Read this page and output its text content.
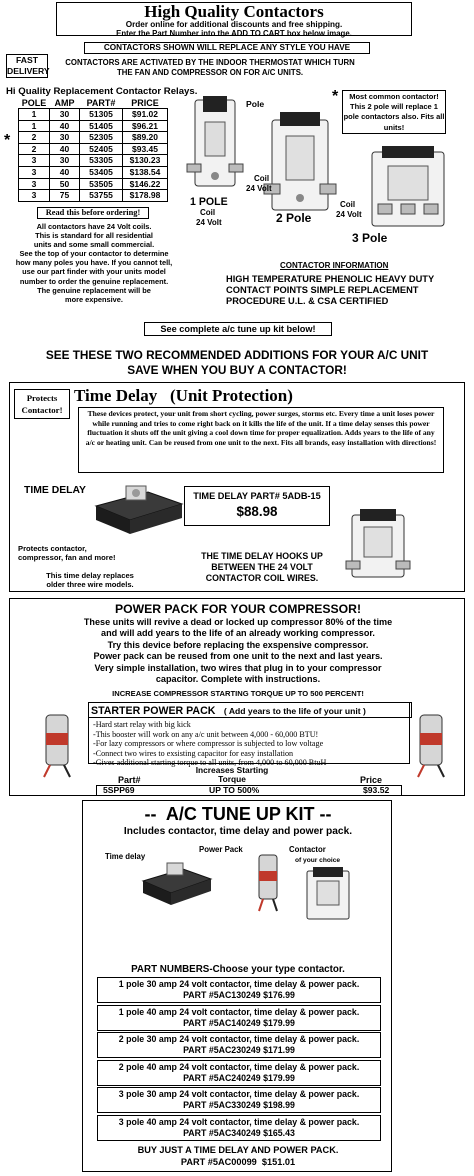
High Quality Contactors
Order online for additional discounts and free shipping.
Enter the Part Number into the ADD TO CART box below image.
CONTACTORS SHOWN WILL REPLACE ANY STYLE YOU HAVE
FAST DELIVERY
CONTACTORS ARE ACTIVATED BY THE INDOOR THERMOSTAT WHICH TURN THE FAN AND COMPRESSOR ON FOR A/C UNITS.
Hi Quality Replacement Contactor Relays.
POLE	AMP	PART#	PRICE
1	30	51305	$91.02
1	40	51405	$96.21
2	30	52305	$89.20
2	40	52405	$93.45
3	30	53305	$130.23
3	40	53405	$138.54
3	50	53505	$146.22
3	75	53755	$178.98
*
Read this before ordering!
All contactors have 24 Volt coils.
This is standard for all residential
units and some small commercial.
See the top of your contactor to determine
how many poles you have. If you cannot tell,
use our part finder with your units model
number to order the genuine replacement.
The genuine replacement will be
more expensive.
Pole
1 POLE
Coil
24 Volt
Coil
24 Volt
2 Pole
Coil
24 Volt
3 Pole
*	Most common contactor! This 2 pole will replace 1 pole contactors also. Fits all units!
CONTACTOR INFORMATION
HIGH TEMPERATURE PHENOLIC HEAVY DUTY CONTACT POINTS SIMPLE REPLACEMENT PROCEDURE U.L. & CSA CERTIFIED
See complete a/c tune up kit below!
SEE THESE TWO RECOMMENDED ADDITIONS FOR YOUR A/C UNIT
SAVE WHEN YOU BUY A CONTACTOR!
Protects Contactor!
Time Delay   (Unit Protection)
These devices protect, your unit from short cycling, power surges, storms etc. Every time a unit loses power while running and tries to come right back on it kills the life of the unit. If a time delay senses this power fluctuation it shuts off the unit giving a cool down time for proper equalization. Adds years to the life of any a/c or heating unit. Can be reused from one unit to the next. Fits all brands, easy installation with directions!
TIME DELAY
Protects contactor, compressor, fan and more!
This time delay replaces older three wire models.
TIME DELAY PART# 5ADB-15
$88.98
THE TIME DELAY HOOKS UP BETWEEN THE 24 VOLT CONTACTOR COIL WIRES.
POWER PACK FOR YOUR COMPRESSOR!
These units will revive a dead or locked up compressor 80% of the time
and will add years to the life of an already working compressor.
Try this device before replacing the exspensive compressor.
Power pack can be reused from one unit to the next and last years.
Very simple installation, two wires that plug in to your compressor
capacitor. Complete with instructions.
INCREASE COMPRESSOR STARTING TORQUE UP TO 500 PERCENT!
STARTER POWER PACK ( Add years to the life of your unit )
-Hard start relay with big kick
-This booster will work on any a/c unit between 4,000 - 60,000 BTU!
-For lazy compressors or where compressor is subjected to low voltage
-Connect two wires to exsisting capacitor for easy installation
-Gives additional starting torque to all units, from 4,000 to 60,000 BtuH
Part#
Increases Starting Torque	Price
5SPP69	UP TO 500%	$93.52
--  A/C TUNE UP KIT --
Includes contactor, time delay and power pack.
Time delay
Power Pack	Contactor
of your choice
PART NUMBERS-Choose your type contactor.
1 pole 30 amp 24 volt contactor, time delay & power pack.
PART #5AC130249 $176.99
1 pole 40 amp 24 volt contactor, time delay & power pack.
PART #5AC140249 $179.99
2 pole 30 amp 24 volt contactor, time delay & power pack.
PART #5AC230249 $171.99
2 pole 40 amp 24 volt contactor, time delay & power pack.
PART #5AC240249 $179.99
3 pole 30 amp 24 volt contactor, time delay & power pack.
PART #5AC330249 $198.99
3 pole 40 amp 24 volt contactor, time delay & power pack.
PART #5AC340249 $165.43
BUY JUST A TIME DELAY AND POWER PACK.
PART #5AC00099  $151.01
